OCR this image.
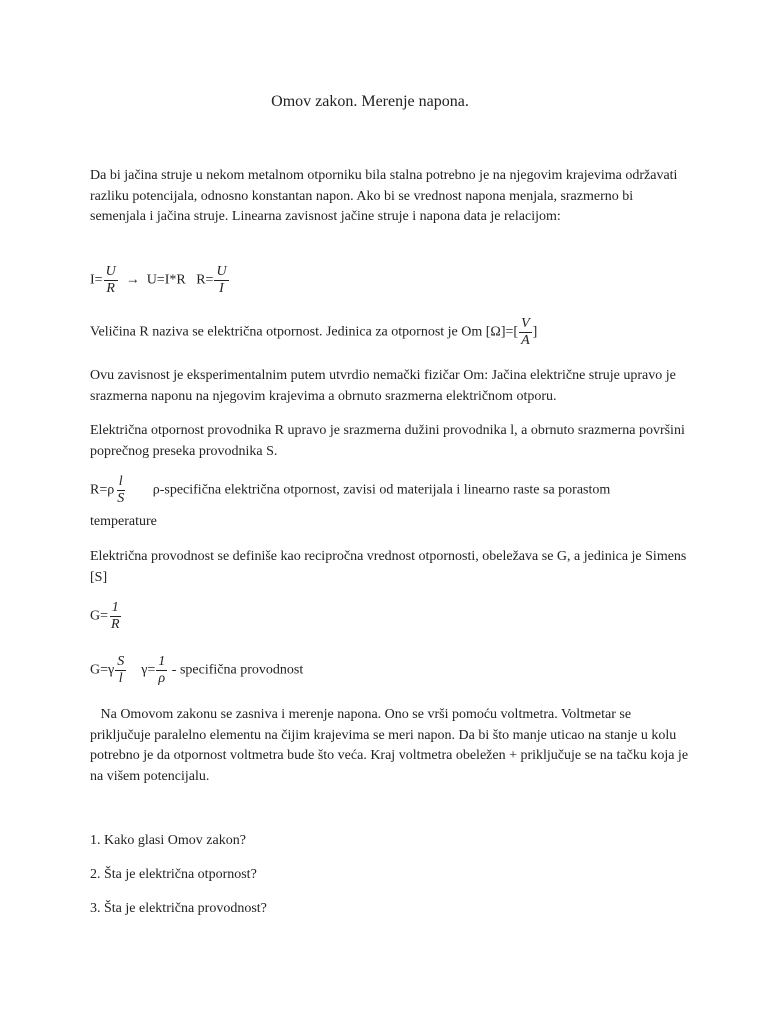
Omov zakon. Merenje napona.

Da bi jačina struje u nekom metalnom otporniku bila stalna potrebno je na njegovim krajevima održavati razliku potencijala, odnosno konstantan napon. Ako bi se vrednost napona menjala, srazmerno bi semenjala i jačina struje. Linearna zavisnost jačine struje i napona data je relacijom:

$I= \frac{U}{R} \to U=I*R$ $R= \frac{U}{I}$
Veličina R naziva se električna otpornost. Jedinica za otpornost je Om $[\Omega]=[ \frac{V}{A}$ ]

Ovu zavisnost je eksperimentalnim putem utvrdio nemački fizičar Om: Jačina električne struje upravo je srazmerna naponu na njegovim krajevima a obrnuto srazmerna električnom otporu.

Električna otpornost provodnika R upravo je srazmerna dužini provodnika l, a obrnuto srazmerna površini poprečnog preseka provodnika S.

$R=\rho \frac{l}{S}$ ρ-specifična električna otpornost, zavisi od materijala i linearno raste sa porastom
temperature

Električna provodnost se definiše kao recipročna vrednost otpornosti, obeležava se G, a jedinica je Simens [S]

$G= \frac{1}{R}$
$G=\gamma \frac{S}{l} \gamma= \frac{1}{\rho}$ - specifična provodnost

Na Omovom zakonu se zasniva i merenje napona. Ono se vrši pomoću voltmetra. Voltmetar se priključuje paralelno elementu na čijim krajevima se meri napon. Da bi što manje uticao na stanje u kolu potrebno je da otpornost voltmetra bude što veća. Kraj voltmetra obeležen + priključuje se na tačku koja je na višem potencijalu.

1. Kako glasi Omov zakon?
2. Šta je električna otpornost?
3. Šta je električna provodnost?
